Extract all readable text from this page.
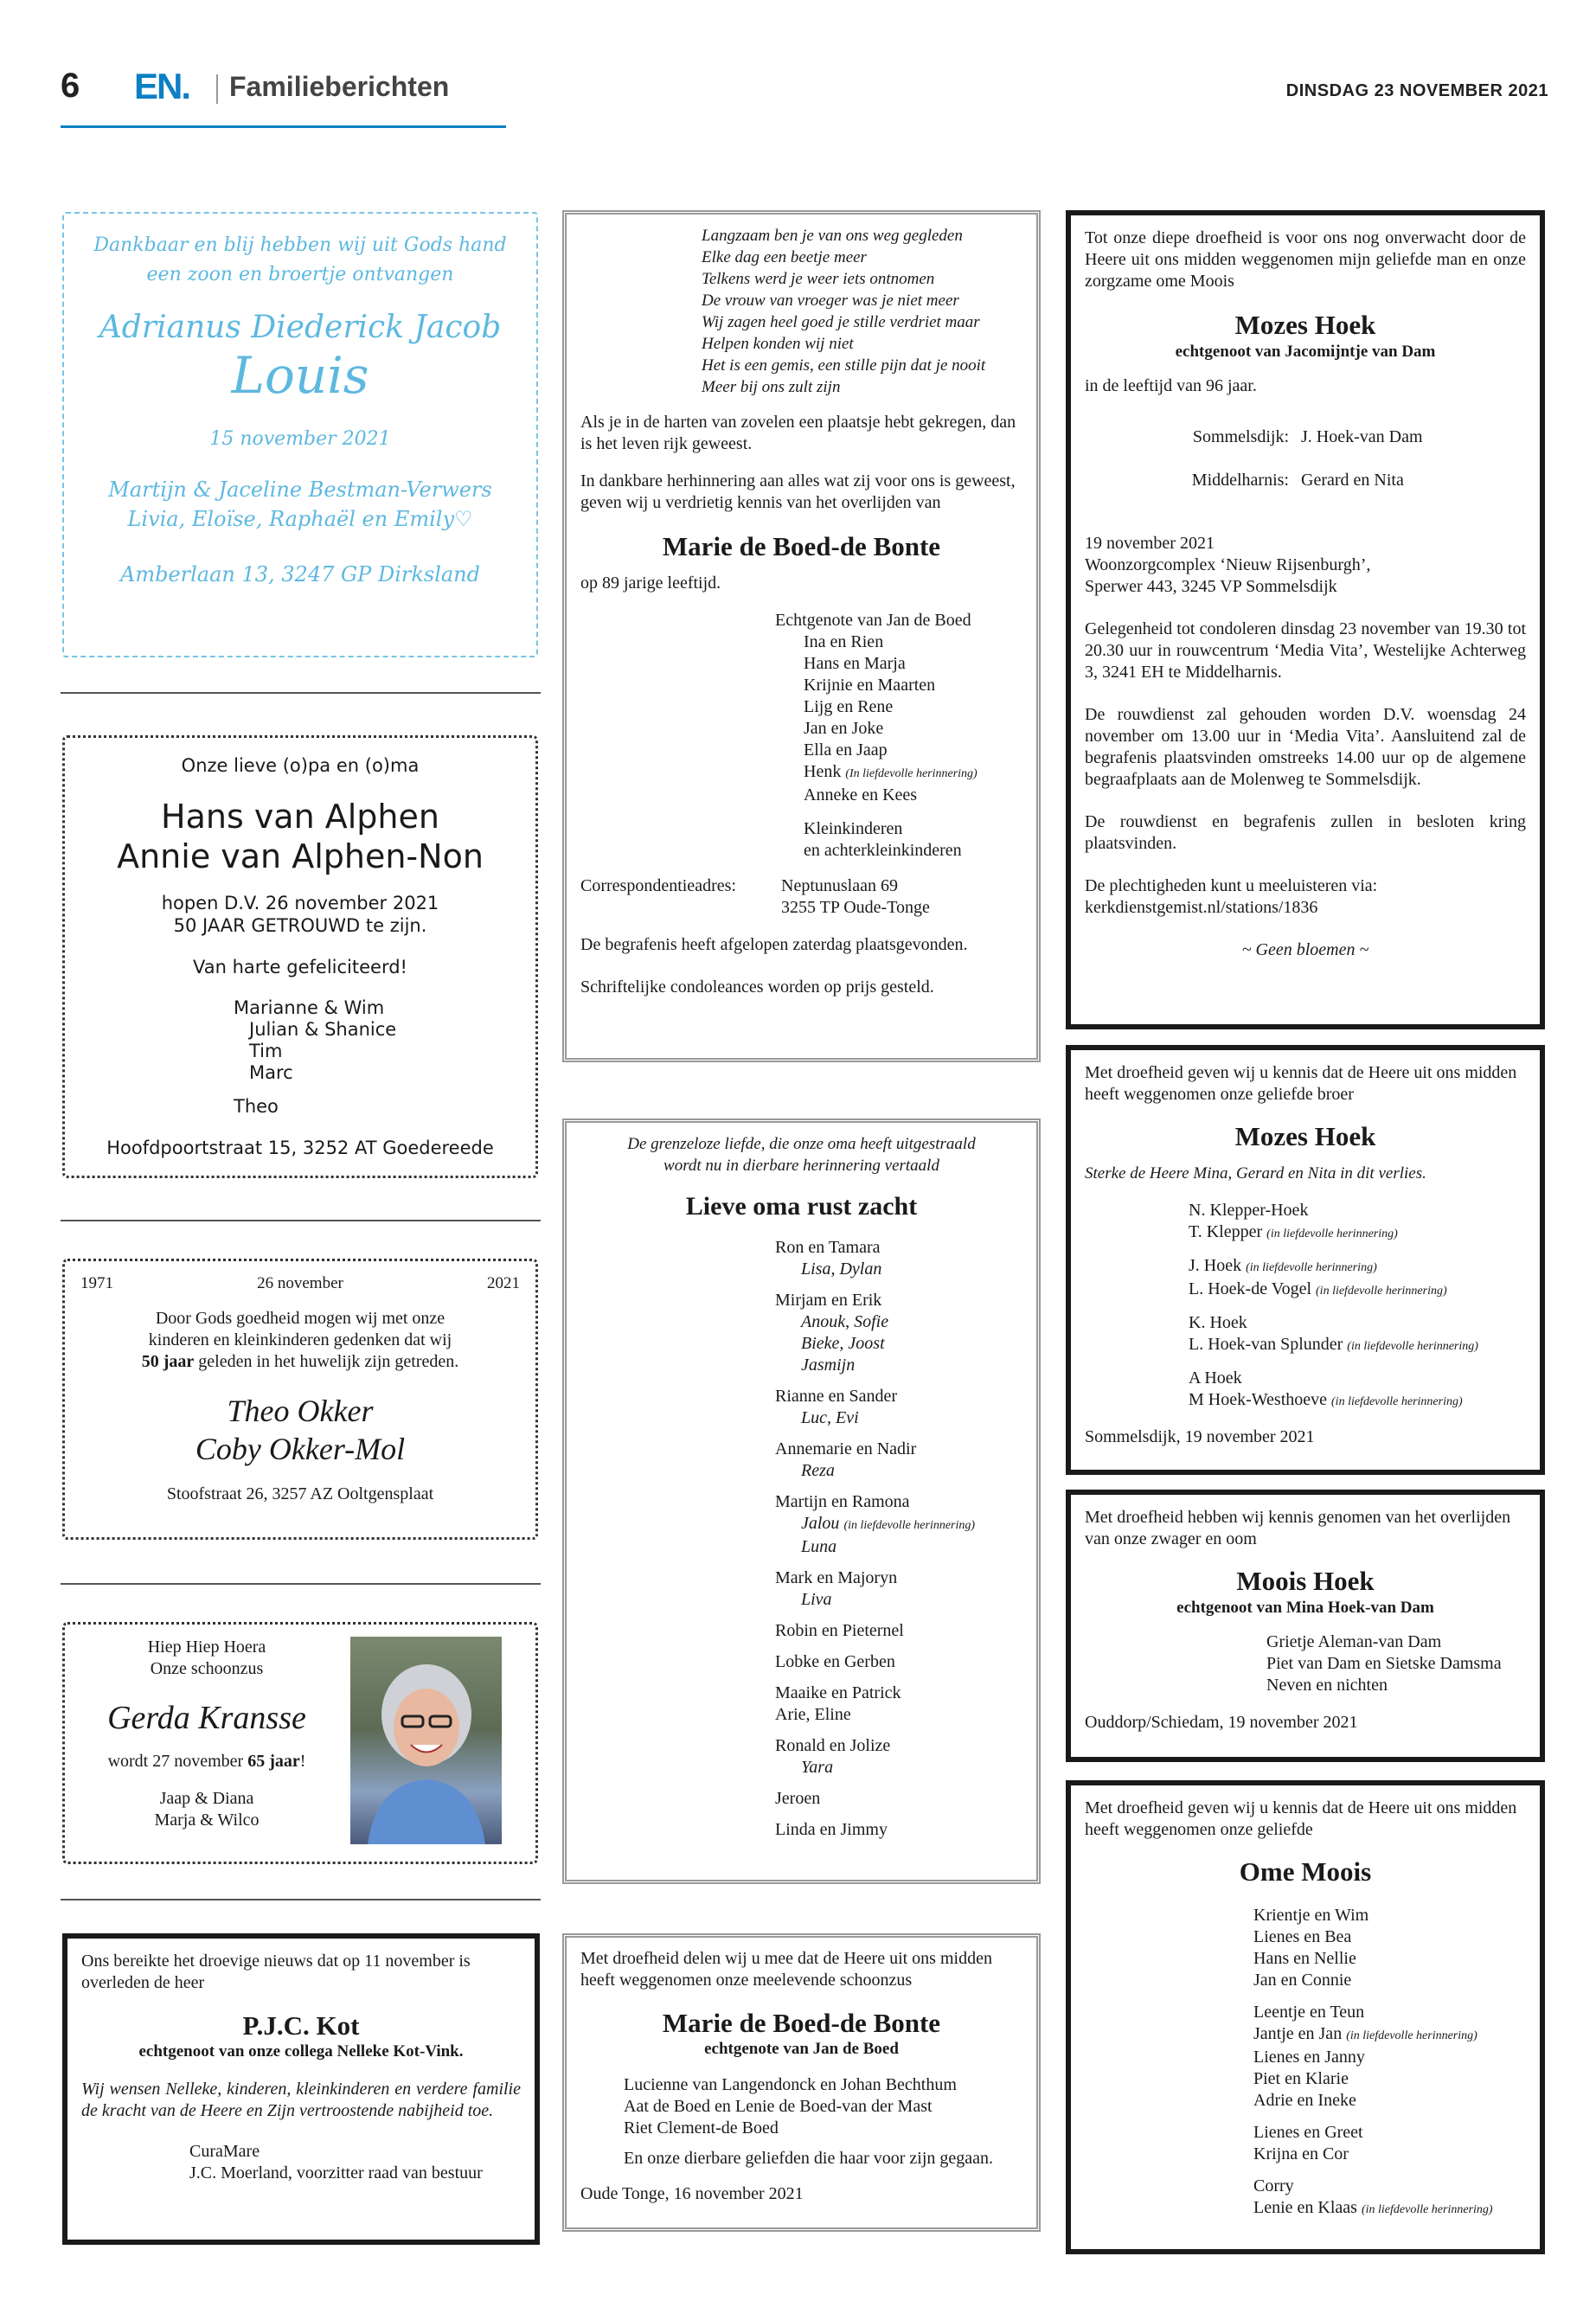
6 EN. Familieberichten	DINSDAG 23 NOVEMBER 2021
Dankbaar en blij hebben wij uit Gods hand
een zoon en broertje ontvangen
Adrianus Diederick Jacob
Louis
15 november 2021
Martijn & Jaceline Bestman-Verwers
Livia, Eloïse, Raphaël en Emily♡
Amberlaan 13, 3247 GP Dirksland
Onze lieve (o)pa en (o)ma
Hans van Alphen
Annie van Alphen-Non
hopen D.V. 26 november 2021
50 JAAR GETROUWD te zijn.
Van harte gefeliciteerd!
Marianne & Wim
Julian & Shanice
Tim
Marc
Theo
Hoofdpoortstraat 15, 3252 AT Goedereede
1971	26 november	2021
Door Gods goedheid mogen wij met onze
kinderen en kleinkinderen gedenken dat wij
50 jaar geleden in het huwelijk zijn getreden.
Theo Okker
Coby Okker-Mol
Stoofstraat 26, 3257 AZ Ooltgensplaat
Hiep Hiep Hoera
Onze schoonzus
Gerda Kransse
wordt 27 november 65 jaar!
Jaap & Diana
Marja & Wilco
Ons bereikte het droevige nieuws dat op 11 november is overleden de heer
P.J.C. Kot
echtgenoot van onze collega Nelleke Kot-Vink.
Wij wensen Nelleke, kinderen, kleinkinderen en verdere familie de kracht van de Heere en Zijn vertroostende nabijheid toe.
CuraMare
J.C. Moerland, voorzitter raad van bestuur
Langzaam ben je van ons weg gegleden
Elke dag een beetje meer
Telkens werd je weer iets ontnomen
De vrouw van vroeger was je niet meer
Wij zagen heel goed je stille verdriet maar
Helpen konden wij niet
Het is een gemis, een stille pijn dat je nooit
Meer bij ons zult zijn
Als je in de harten van zovelen een plaatsje hebt gekregen, dan is het leven rijk geweest.
In dankbare herhinnering aan alles wat zij voor ons is geweest, geven wij u verdrietig kennis van het overlijden van
Marie de Boed-de Bonte
op 89 jarige leeftijd.
Echtgenote van Jan de Boed
Ina en Rien
Hans en Marja
Krijnie en Maarten
Lijg en Rene
Jan en Joke
Ella en Jaap
Henk (In liefdevolle herinnering)
Anneke en Kees
Kleinkinderen
en achterkleinkinderen
Correspondentieadres:	Neptunuslaan 69
3255 TP Oude-Tonge
De begrafenis heeft afgelopen zaterdag plaatsgevonden.
Schriftelijke condoleances worden op prijs gesteld.
De grenzeloze liefde, die onze oma heeft uitgestraald
wordt nu in dierbare herinnering vertaald
Lieve oma rust zacht
Ron en Tamara
Lisa, Dylan
Mirjam en Erik
Anouk, Sofie
Bieke, Joost
Jasmijn
Rianne en Sander
Luc, Evi
Annemarie en Nadir
Reza
Martijn en Ramona
Jalou (in liefdevolle herinnering)
Luna
Mark en Majoryn
Liva
Robin en Pieternel
Lobke en Gerben
Maaike en Patrick
Arie, Eline
Ronald en Jolize
Yara
Jeroen
Linda en Jimmy
Met droefheid delen wij u mee dat de Heere uit ons midden heeft weggenomen onze meelevende schoonzus
Marie de Boed-de Bonte
echtgenote van Jan de Boed
Lucienne van Langendonck en Johan Bechthum
Aat de Boed en Lenie de Boed-van der Mast
Riet Clement-de Boed
En onze dierbare geliefden die haar voor zijn gegaan.
Oude Tonge, 16 november 2021
Tot onze diepe droefheid is voor ons nog onverwacht door de Heere uit ons midden weggenomen mijn geliefde man en onze zorgzame ome Moois
Mozes Hoek
echtgenoot van Jacomijntje van Dam
in de leeftijd van 96 jaar.
Sommelsdijk: J. Hoek-van Dam
Middelharnis: Gerard en Nita
19 november 2021
Woonzorgcomplex ‘Nieuw Rijsenburgh’,
Sperwer 443, 3245 VP Sommelsdijk
Gelegenheid tot condoleren dinsdag 23 november van 19.30 tot 20.30 uur in rouwcentrum ‘Media Vita’, Westelijke Achterweg 3, 3241 EH te Middelharnis.
De rouwdienst zal gehouden worden D.V. woensdag 24 november om 13.00 uur in ‘Media Vita’. Aansluitend zal de begrafenis plaatsvinden omstreeks 14.00 uur op de algemene begraafplaats aan de Molenweg te Sommelsdijk.
De rouwdienst en begrafenis zullen in besloten kring plaatsvinden.
De plechtigheden kunt u meeluisteren via:
kerkdienstgemist.nl/stations/1836
~ Geen bloemen ~
Met droefheid geven wij u kennis dat de Heere uit ons midden heeft weggenomen onze geliefde broer
Mozes Hoek
Sterke de Heere Mina, Gerard en Nita in dit verlies.
N. Klepper-Hoek
T. Klepper (in liefdevolle herinnering)
J. Hoek (in liefdevolle herinnering)
L. Hoek-de Vogel (in liefdevolle herinnering)
K. Hoek
L. Hoek-van Splunder (in liefdevolle herinnering)
A Hoek
M Hoek-Westhoeve (in liefdevolle herinnering)
Sommelsdijk, 19 november 2021
Met droefheid hebben wij kennis genomen van het overlijden van onze zwager en oom
Moois Hoek
echtgenoot van Mina Hoek-van Dam
Grietje Aleman-van Dam
Piet van Dam en Sietske Damsma
Neven en nichten
Ouddorp/Schiedam, 19 november 2021
Met droefheid geven wij u kennis dat de Heere uit ons midden heeft weggenomen onze geliefde
Ome Moois
Krientje en Wim
Lienes en Bea
Hans en Nellie
Jan en Connie
Leentje en Teun
Jantje en Jan (in liefdevolle herinnering)
Lienes en Janny
Piet en Klarie
Adrie en Ineke
Lienes en Greet
Krijna en Cor
Corry
Lenie en Klaas (in liefdevolle herinnering)
